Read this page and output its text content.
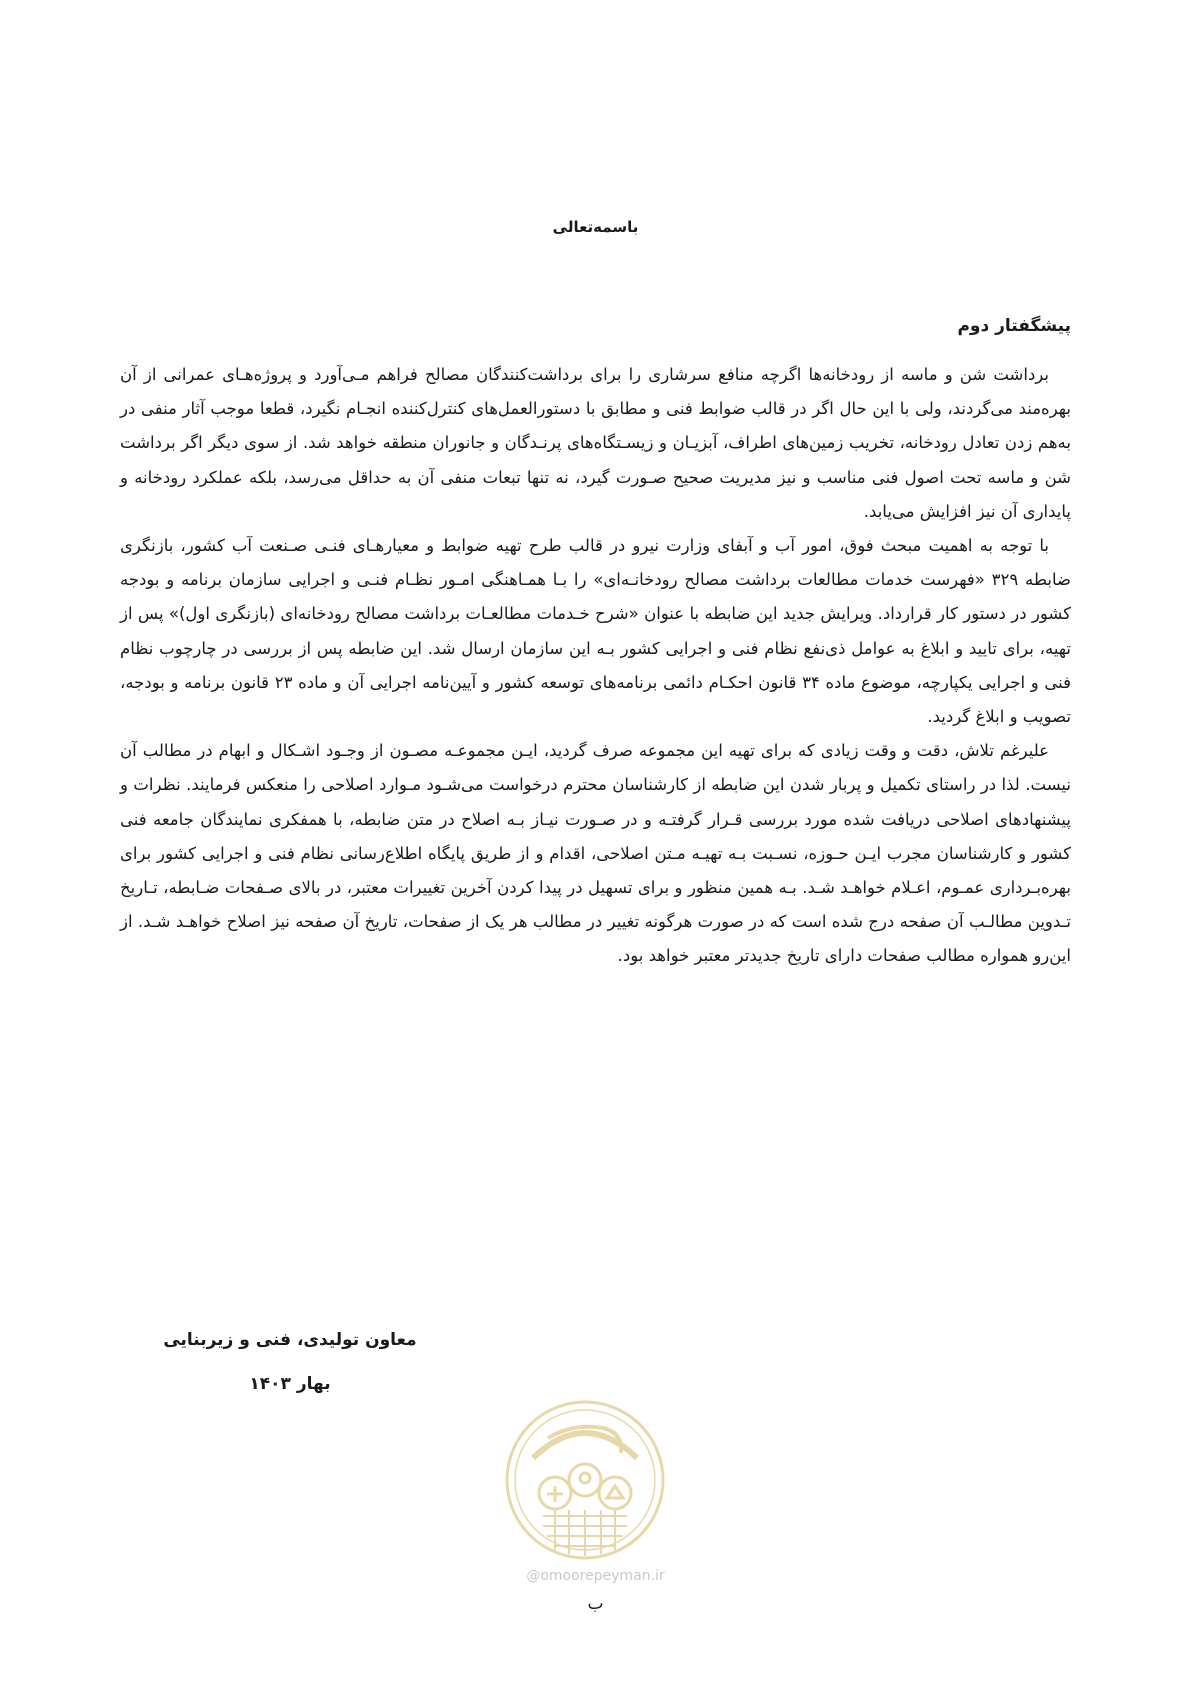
باسمه‌تعالی
پیشگفتار دوم

برداشت شن و ماسه از رودخانه‌ها اگرچه منافع سرشاری را برای برداشت‌کنندگان مصالح فراهم مـی‌آورد و پروژه‌هـای عمرانی از آن بهره‌مند می‌گردند، ولی با این حال اگر در قالب ضوابط فنی و مطابق با دستورالعمل‌های کنترل‌کننده انجـام نگیرد، قطعا موجب آثار منفی در به‌هم زدن تعادل رودخانه، تخریب زمین‌های اطراف، آبزیـان و زیسـتگاه‌های پرنـدگان و جانوران منطقه خواهد شد. از سوی دیگر اگر برداشت شن و ماسه تحت اصول فنی مناسب و نیز مدیریت صحیح صـورت گیرد، نه تنها تبعات منفی آن به حداقل می‌رسد، بلکه عملکرد رودخانه و پایداری آن نیز افزایش می‌یابد.

با توجه به اهمیت مبحث فوق، امور آب و آبفای وزارت نیرو در قالب طرح تهیه ضوابط و معیارهـای فنـی صـنعت آب کشور، بازنگری ضابطه ۳۲۹ «فهرست خدمات مطالعات برداشت مصالح رودخانـه‌ای» را بـا همـاهنگی امـور نظـام فنـی و اجرایی سازمان برنامه و بودجه کشور در دستور کار قرارداد. ویرایش جدید این ضابطه با عنوان «شرح خـدمات مطالعـات برداشت مصالح رودخانه‌ای (بازنگری اول)» پس از تهیه، برای تایید و ابلاغ به عوامل ذی‌نفع نظام فنی و اجرایی کشور بـه این سازمان ارسال شد. این ضابطه پس از بررسی در چارچوب نظام فنی و اجرایی یکپارچه، موضوع ماده ۳۴ قانون احکـام دائمی برنامه‌های توسعه کشور و آیین‌نامه اجرایی آن و ماده ۲۳ قانون برنامه و بودجه، تصویب و ابلاغ گردید.

علیرغم تلاش، دقت و وقت زیادی که برای تهیه این مجموعه صرف گردید، ایـن مجموعـه مصـون از وجـود اشـکال و ابهام در مطالب آن نیست. لذا در راستای تکمیل و پربار شدن این ضابطه از کارشناسان محترم درخواست می‌شـود مـوارد اصلاحی را منعکس فرمایند. نظرات و پیشنهادهای اصلاحی دریافت شده مورد بررسی قـرار گرفتـه و در صـورت نیـاز بـه اصلاح در متن ضابطه، با همفکری نمایندگان جامعه فنی کشور و کارشناسان مجرب ایـن حـوزه، نسـبت بـه تهیـه مـتن اصلاحی، اقدام و از طریق پایگاه اطلاع‌رسانی نظام فنی و اجرایی کشور برای بهره‌بـرداری عمـوم، اعـلام خواهـد شـد. بـه همین منظور و برای تسهیل در پیدا کردن آخرین تغییرات معتبر، در بالای صـفحات ضـابطه، تـاریخ تـدوین مطالـب آن صفحه درج شده است که در صورت هرگونه تغییر در مطالب هر یک از صفحات، تاریخ آن صفحه نیز اصلاح خواهـد شـد. از این‌رو همواره مطالب صفحات دارای تاریخ جدیدتر معتبر خواهد بود.

معاون تولیدی، فنی و زیربنایی
بهار ۱۴۰۳
@omoorepeyman.ir
ب
